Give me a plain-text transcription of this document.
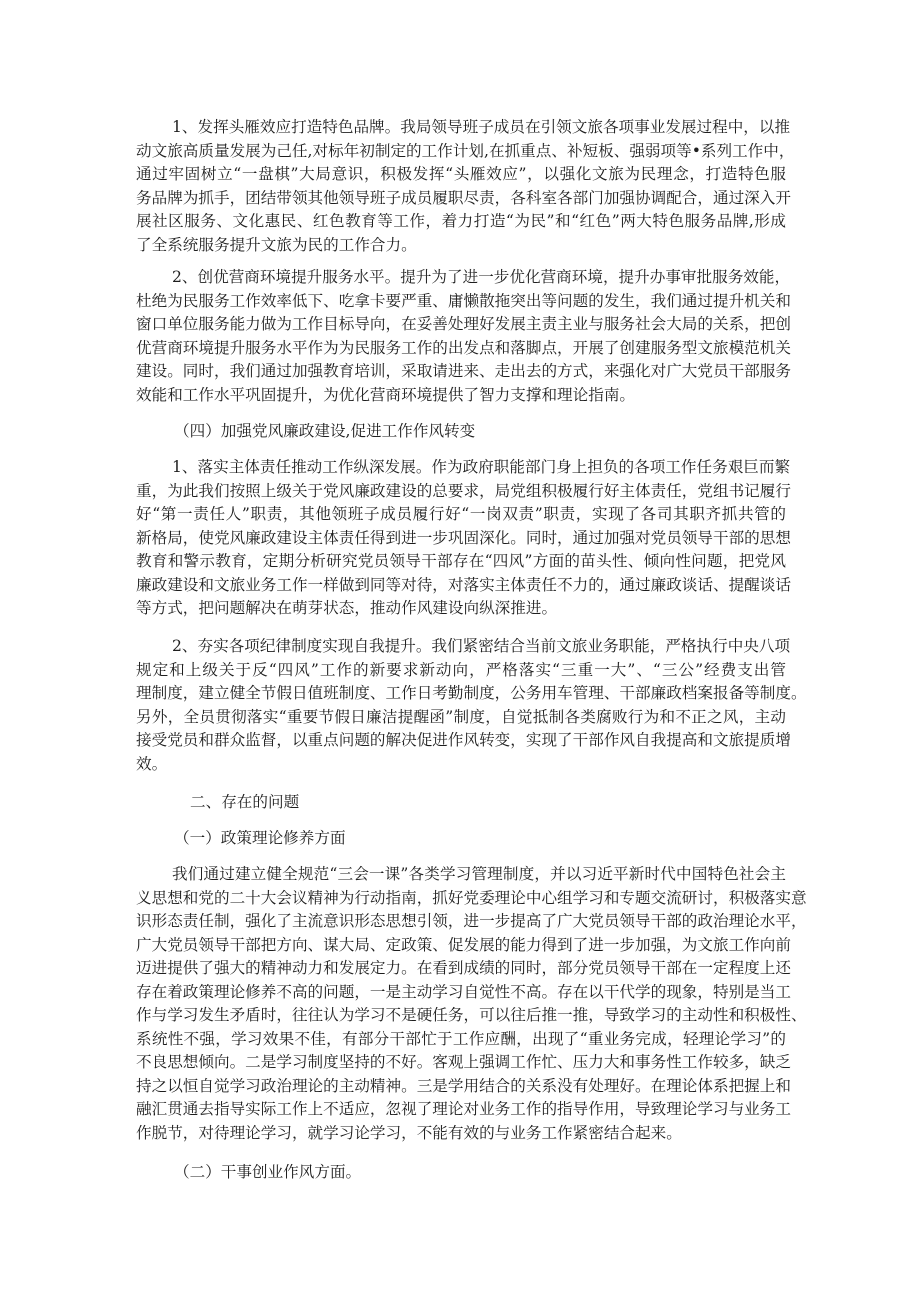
1、发挥头雁效应打造特色品牌。我局领导班子成员在引领文旅各项事业发展过程中，以推
动文旅高质量发展为己任,对标年初制定的工作计划,在抓重点、补短板、强弱项等•系列工作中，
通过牢固树立“一盘棋”大局意识，积极发挥“头雁效应”，以强化文旅为民理念，打造特色服
务品牌为抓手，团结带领其他领导班子成员履职尽责，各科室各部门加强协调配合，通过深入开
展社区服务、文化惠民、红色教育等工作，着力打造“为民”和“红色”两大特色服务品牌,形成
了全系统服务提升文旅为民的工作合力。
2、创优营商环境提升服务水平。提升为了进一步优化营商环境，提升办事审批服务效能，
杜绝为民服务工作效率低下、吃拿卡要严重、庸懒散拖突出等问题的发生，我们通过提升机关和
窗口单位服务能力做为工作目标导向，在妥善处理好发展主责主业与服务社会大局的关系，把创
优营商环境提升服务水平作为为民服务工作的出发点和落脚点，开展了创建服务型文旅模范机关
建设。同时，我们通过加强教育培训，采取请进来、走出去的方式，来强化对广大党员干部服务
效能和工作水平巩固提升，为优化营商环境提供了智力支撑和理论指南。
（四）加强党风廉政建设,促进工作作风转变
1、落实主体责任推动工作纵深发展。作为政府职能部门身上担负的各项工作任务艰巨而繁
重，为此我们按照上级关于党风廉政建设的总要求，局党组积极履行好主体责任，党组书记履行
好“第一责任人”职责，其他领班子成员履行好“一岗双责”职责，实现了各司其职齐抓共管的
新格局，使党风廉政建设主体责任得到进一步巩固深化。同时，通过加强对党员领导干部的思想
教育和警示教育，定期分析研究党员领导干部存在“四风”方面的苗头性、倾向性问题，把党风
廉政建设和文旅业务工作一样做到同等对待，对落实主体责任不力的，通过廉政谈话、提醒谈话
等方式，把问题解决在萌芽状态，推动作风建设向纵深推进。
2、夯实各项纪律制度实现自我提升。我们紧密结合当前文旅业务职能，严格执行中央八项
规定和上级关于反“四风”工作的新要求新动向，严格落实“三重一大”、“三公”经费支出管
理制度，建立健全节假日值班制度、工作日考勤制度，公务用车管理、干部廉政档案报备等制度。
另外，全员贯彻落实“重要节假日廉洁提醒函”制度，自觉抵制各类腐败行为和不正之风，主动
接受党员和群众监督，以重点问题的解决促进作风转变，实现了干部作风自我提高和文旅提质增
效。
二、存在的问题
（一）政策理论修养方面
我们通过建立健全规范“三会一课”各类学习管理制度，并以习近平新时代中国特色社会主
义思想和党的二十大会议精神为行动指南，抓好党委理论中心组学习和专题交流研讨，积极落实意
识形态责任制，强化了主流意识形态思想引领，进一步提高了广大党员领导干部的政治理论水平，
广大党员领导干部把方向、谋大局、定政策、促发展的能力得到了进一步加强，为文旅工作向前
迈进提供了强大的精神动力和发展定力。在看到成绩的同时，部分党员领导干部在一定程度上还
存在着政策理论修养不高的问题，一是主动学习自觉性不高。存在以干代学的现象，特别是当工
作与学习发生矛盾时，往往认为学习不是硬任务，可以往后推一推，导致学习的主动性和积极性、
系统性不强，学习效果不佳，有部分干部忙于工作应酬，出现了“重业务完成，轻理论学习”的
不良思想倾向。二是学习制度坚持的不好。客观上强调工作忙、压力大和事务性工作较多，缺乏
持之以恒自觉学习政治理论的主动精神。三是学用结合的关系没有处理好。在理论体系把握上和
融汇贯通去指导实际工作上不适应，忽视了理论对业务工作的指导作用，导致理论学习与业务工
作脱节，对待理论学习，就学习论学习，不能有效的与业务工作紧密结合起来。
（二）干事创业作风方面。
